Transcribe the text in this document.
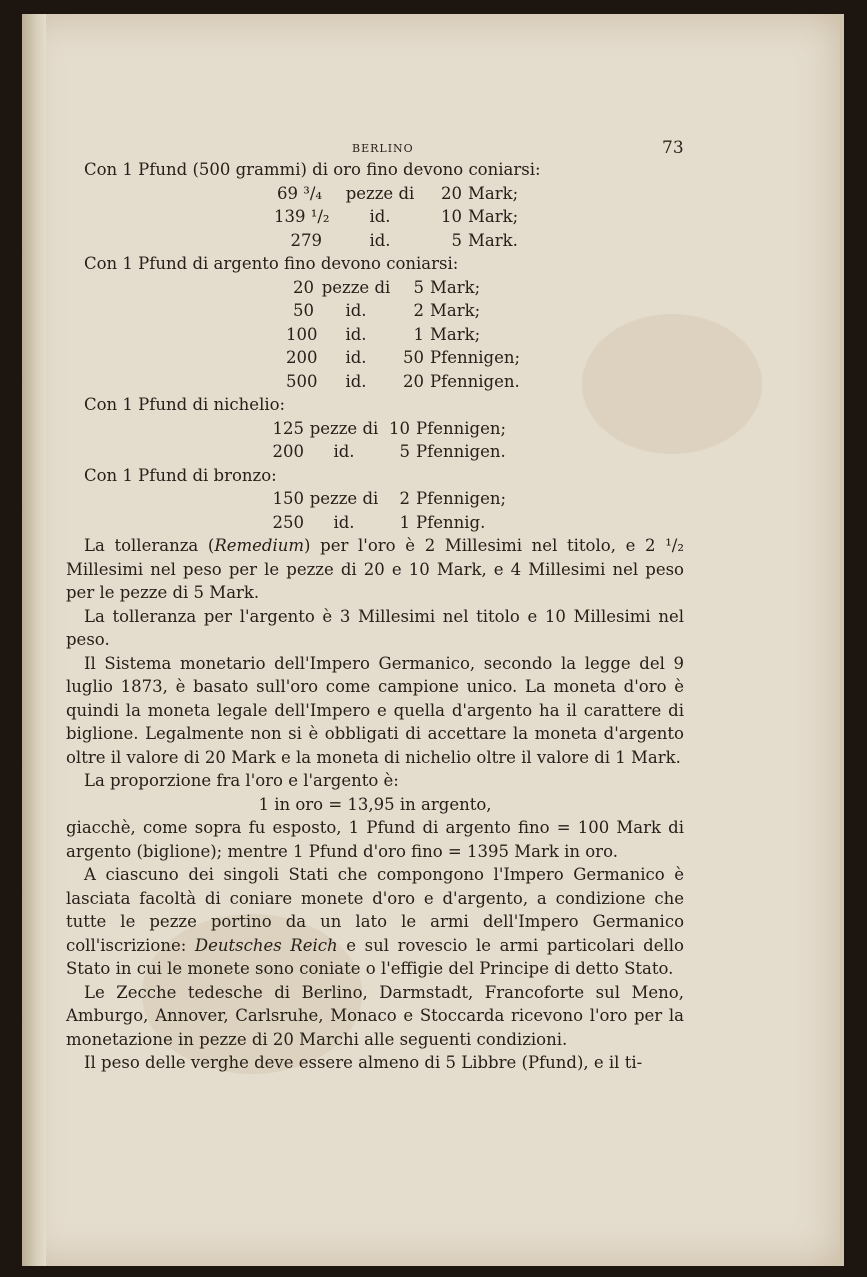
BERLINO	73
Con 1 Pfund (500 grammi) di oro fino devono coniarsi:
69 ³/₄	pezze di	20 Mark;
139 ¹/₂	id.	10 Mark;
279	id.	5 Mark.
Con 1 Pfund di argento fino devono coniarsi:
20 pezze di	5 Mark;
50	id.	2 Mark;
100	id.	1 Mark;
200	id.	50 Pfennigen;
500	id.	20 Pfennigen.
Con 1 Pfund di nichelio:
125 pezze di 10 Pfennigen;
200	id.	5 Pfennigen.
Con 1 Pfund di bronzo:
150 pezze di	2 Pfennigen;
250	id.	1 Pfennig.

La tolleranza (Remedium) per l'oro è 2 Millesimi nel titolo, e 2 ¹/₂ Millesimi nel peso per le pezze di 20 e 10 Mark, e 4 Millesimi nel peso per le pezze di 5 Mark.

La tolleranza per l'argento è 3 Millesimi nel titolo e 10 Millesimi nel peso.

Il Sistema monetario dell'Impero Germanico, secondo la legge del 9 luglio 1873, è basato sull'oro come campione unico. La moneta d'oro è quindi la moneta legale dell'Impero e quella d'argento ha il carattere di biglione. Legalmente non si è obbligati di accettare la moneta d'argento oltre il valore di 20 Mark e la moneta di nichelio oltre il valore di 1 Mark.

La proporzione fra l'oro e l'argento è:

1 in oro = 13,95 in argento,

giacchè, come sopra fu esposto, 1 Pfund di argento fino = 100 Mark di argento (biglione); mentre 1 Pfund d'oro fino = 1395 Mark in oro.

A ciascuno dei singoli Stati che compongono l'Impero Germanico è lasciata facoltà di coniare monete d'oro e d'argento, a condizione che tutte le pezze portino da un lato le armi dell'Impero Germanico coll'iscrizione: Deutsches Reich e sul rovescio le armi particolari dello Stato in cui le monete sono coniate o l'effigie del Principe di detto Stato.

Le Zecche tedesche di Berlino, Darmstadt, Francoforte sul Meno, Amburgo, Annover, Carlsruhe, Monaco e Stoccarda ricevono l'oro per la monetazione in pezze di 20 Marchi alle seguenti condizioni.

Il peso delle verghe deve essere almeno di 5 Libbre (Pfund), e il ti-
